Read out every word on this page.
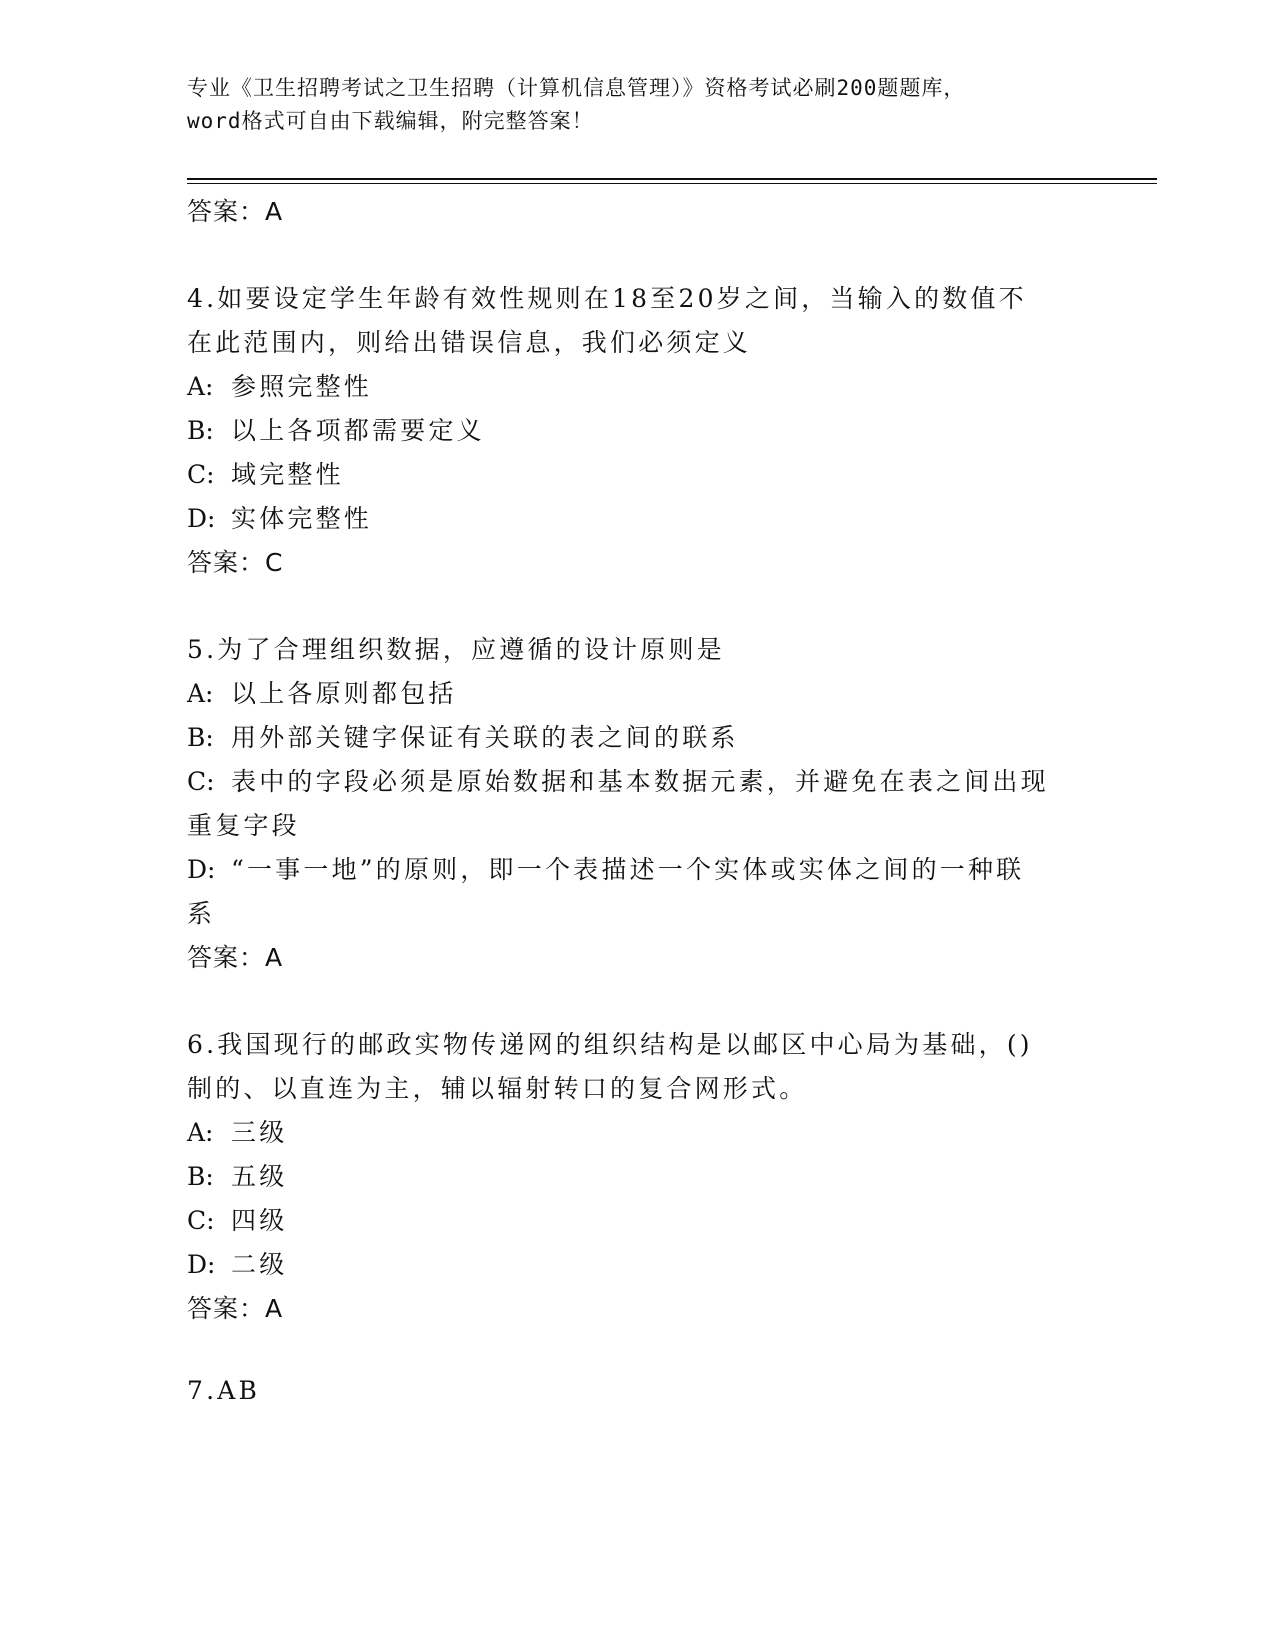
专业《卫生招聘考试之卫生招聘（计算机信息管理）》资格考试必刷200题题库，
word格式可自由下载编辑，附完整答案！
答案：A
4.如要设定学生年龄有效性规则在18至20岁之间，当输入的数值不
在此范围内，则给出错误信息，我们必须定义
A: 参照完整性
B: 以上各项都需要定义
C: 域完整性
D: 实体完整性
答案：C
5.为了合理组织数据，应遵循的设计原则是
A: 以上各原则都包括
B: 用外部关键字保证有关联的表之间的联系
C: 表中的字段必须是原始数据和基本数据元素，并避免在表之间出现
重复字段
D: “一事一地”的原则，即一个表描述一个实体或实体之间的一种联
系
答案：A
6.我国现行的邮政实物传递网的组织结构是以邮区中心局为基础，()
制的、以直连为主，辅以辐射转口的复合网形式。
A: 三级
B: 五级
C: 四级
D: 二级
答案：A
7.AB
